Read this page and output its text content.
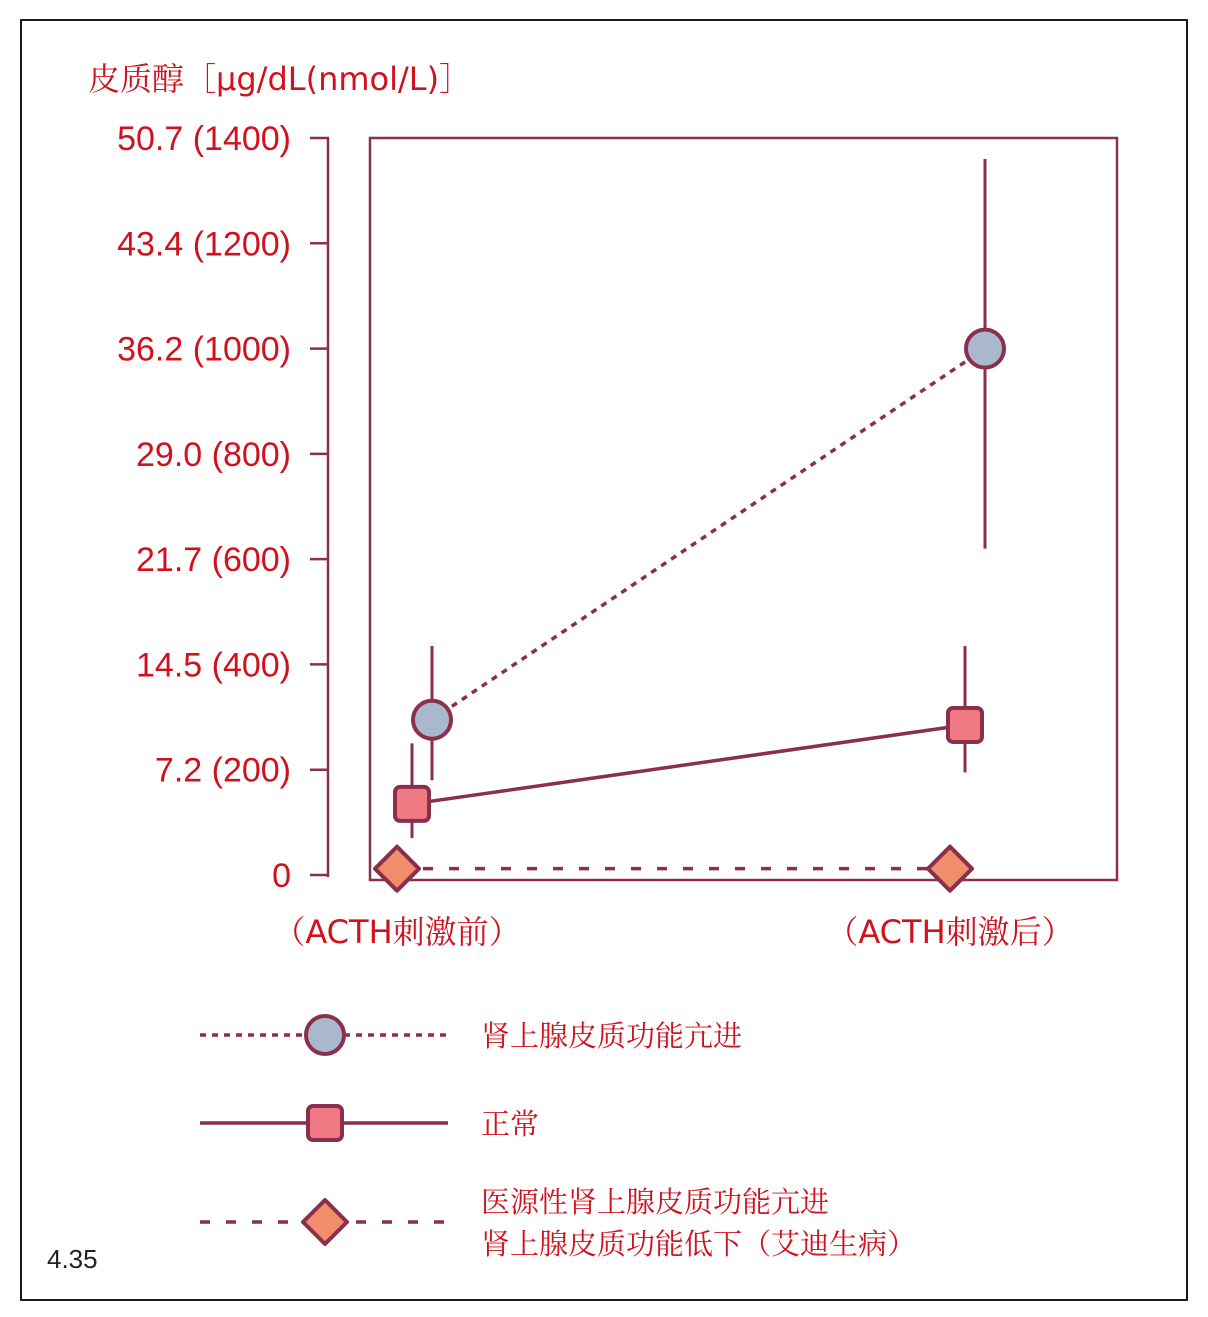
皮质醇［μg/dL(nmol/L)］
0
7.2 (200)
14.5 (400)
21.7 (600)
29.0 (800)
36.2 (1000)
43.4 (1200)
50.7 (1400)
（ACTH刺激前）	（ACTH刺激后）
肾上腺皮质功能亢进
正常
医源性肾上腺皮质功能亢进
肾上腺皮质功能低下（艾迪生病）
4.35
